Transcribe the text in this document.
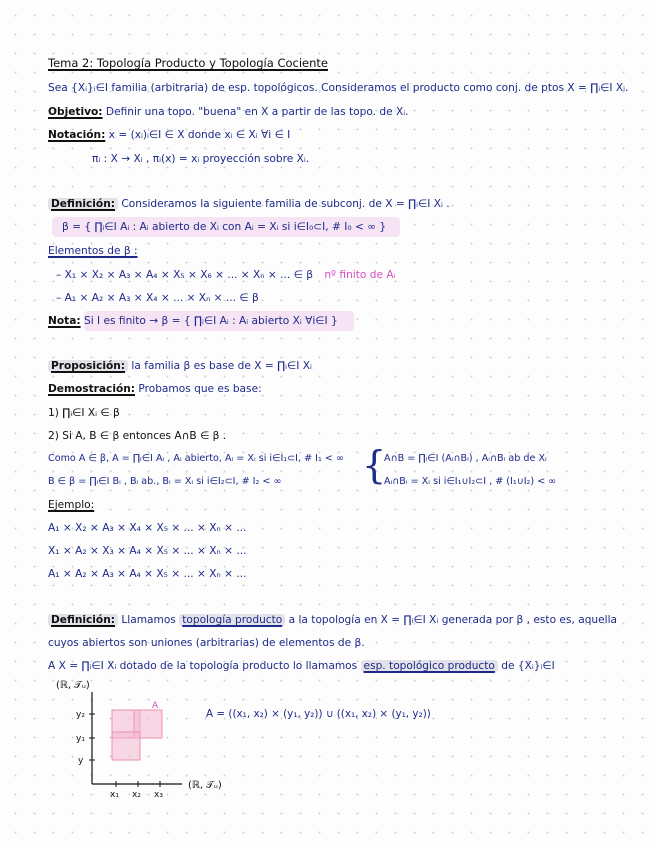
Tema 2: Topología Producto y Topología Cociente
Sea {Xᵢ}ᵢ∈I familia (arbitraria) de esp. topológicos. Consideramos el producto como conj. de ptos X = ∏ᵢ∈I Xᵢ.
Objetivo: Definir una topo. "buena" en X a partir de las topo. de Xᵢ.
Notación: x = (xᵢ)ᵢ∈I ∈ X donde xᵢ ∈ Xᵢ ∀i ∈ I
πᵢ : X → Xᵢ , πᵢ(x) = xᵢ proyección sobre Xᵢ.
Definición: Consideramos la siguiente familia de subconj. de X = ∏ᵢ∈I Xᵢ .
β = { ∏ᵢ∈I Aᵢ : Aᵢ abierto de Xᵢ con Aᵢ = Xᵢ si i∈I₀⊂I, # I₀ < ∞ }
Elementos de β :
– X₁ × X₂ × A₃ × A₄ × X₅ × X₆ × ... × Xₙ × ... ∈ β nº finito de Aᵢ
– A₁ × A₂ × A₃ × X₄ × ... × Xₙ × ... ∈ β
Nota: Si I es finito → β = { ∏ᵢ∈I Aᵢ : Aᵢ abierto Xᵢ ∀i∈I }
Proposición: la familia β es base de X = ∏ᵢ∈I Xᵢ
Demostración: Probamos que es base:
1) ∏ᵢ∈I Xᵢ ∈ β
2) Si A, B ∈ β entonces A∩B ∈ β .
Como A ∈ β, A = ∏ᵢ∈I Aᵢ , Aᵢ abierto, Aᵢ = Xᵢ si i∈I₁⊂I, # I₁ < ∞
B ∈ β = ∏ᵢ∈I Bᵢ , Bᵢ ab., Bᵢ = Xᵢ si i∈I₂⊂I, # I₂ < ∞ {
A∩B = ∏ᵢ∈I (Aᵢ∩Bᵢ) , Aᵢ∩Bᵢ ab de Xᵢ
Aᵢ∩Bᵢ = Xᵢ si i∈I₁∪I₂⊂I , # (I₁∪I₂) < ∞
Ejemplo:
A₁ × X₂ × A₃ × X₄ × X₅ × ... × Xₙ × ...
X₁ × A₂ × X₃ × A₄ × X₅ × ... × Xₙ × ...
A₁ × A₂ × A₃ × A₄ × X₅ × ... × Xₙ × ...
Definición: Llamamos topología producto a la topología en X = ∏ᵢ∈I Xᵢ generada por β , esto es, aquella
cuyos abiertos son uniones (arbitrarias) de elementos de β.
A X = ∏ᵢ∈I Xᵢ dotado de la topología producto lo llamamos esp. topológico producto de {Xᵢ}ᵢ∈I
(ℝ, 𝒯ᵤ)
(ℝ, 𝒯ᵤ)
A
y₂
y₁
y
x₁ x₂ x₃
A = ((x₁, x₂) × (y₁, y₂)) ∪ ((x₁, x₂) × (y₁, y₂))
